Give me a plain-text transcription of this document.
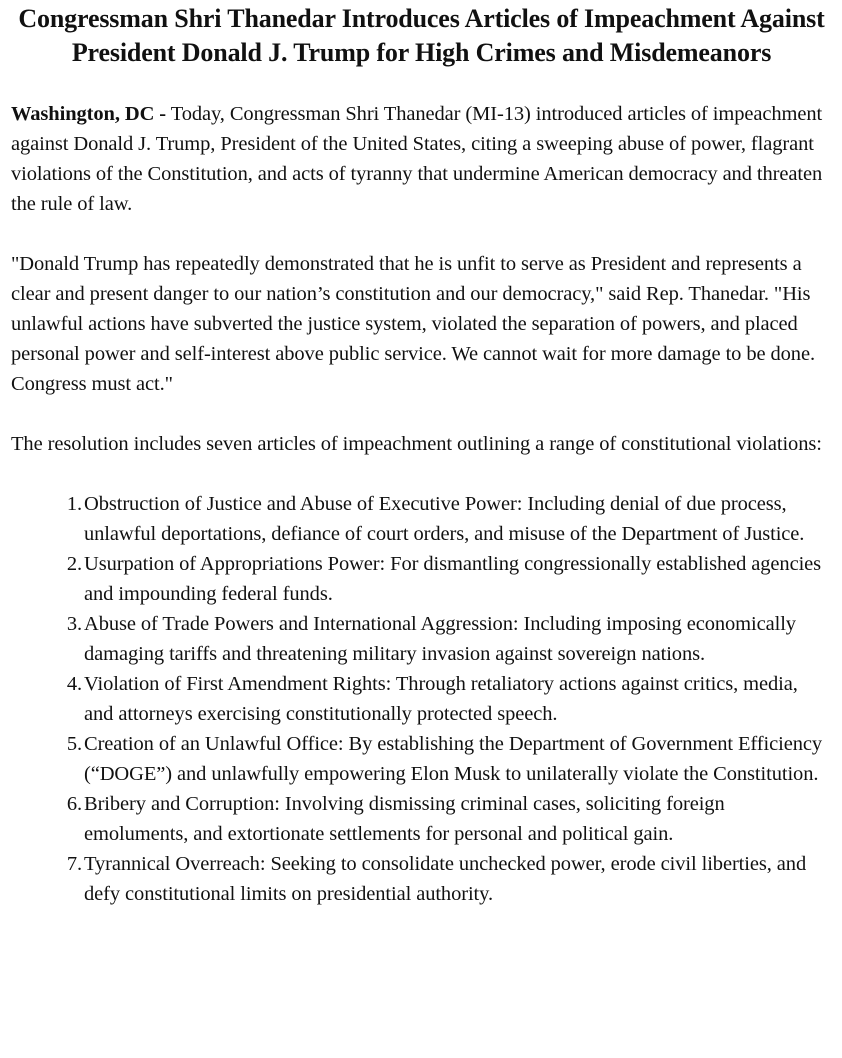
Congressman Shri Thanedar Introduces Articles of Impeachment Against President Donald J. Trump for High Crimes and Misdemeanors

Washington, DC - Today, Congressman Shri Thanedar (MI-13) introduced articles of impeachment against Donald J. Trump, President of the United States, citing a sweeping abuse of power, flagrant violations of the Constitution, and acts of tyranny that undermine American democracy and threaten the rule of law.

"Donald Trump has repeatedly demonstrated that he is unfit to serve as President and represents a clear and present danger to our nation’s constitution and our democracy," said Rep. Thanedar. "His unlawful actions have subverted the justice system, violated the separation of powers, and placed personal power and self-interest above public service. We cannot wait for more damage to be done. Congress must act."

The resolution includes seven articles of impeachment outlining a range of constitutional violations:

1. Obstruction of Justice and Abuse of Executive Power: Including denial of due process, unlawful deportations, defiance of court orders, and misuse of the Department of Justice.
2. Usurpation of Appropriations Power: For dismantling congressionally established agencies and impounding federal funds.
3. Abuse of Trade Powers and International Aggression: Including imposing economically damaging tariffs and threatening military invasion against sovereign nations.
4. Violation of First Amendment Rights: Through retaliatory actions against critics, media, and attorneys exercising constitutionally protected speech.
5. Creation of an Unlawful Office: By establishing the Department of Government Efficiency (“DOGE”) and unlawfully empowering Elon Musk to unilaterally violate the Constitution.
6. Bribery and Corruption: Involving dismissing criminal cases, soliciting foreign emoluments, and extortionate settlements for personal and political gain.
7. Tyrannical Overreach: Seeking to consolidate unchecked power, erode civil liberties, and defy constitutional limits on presidential authority.
